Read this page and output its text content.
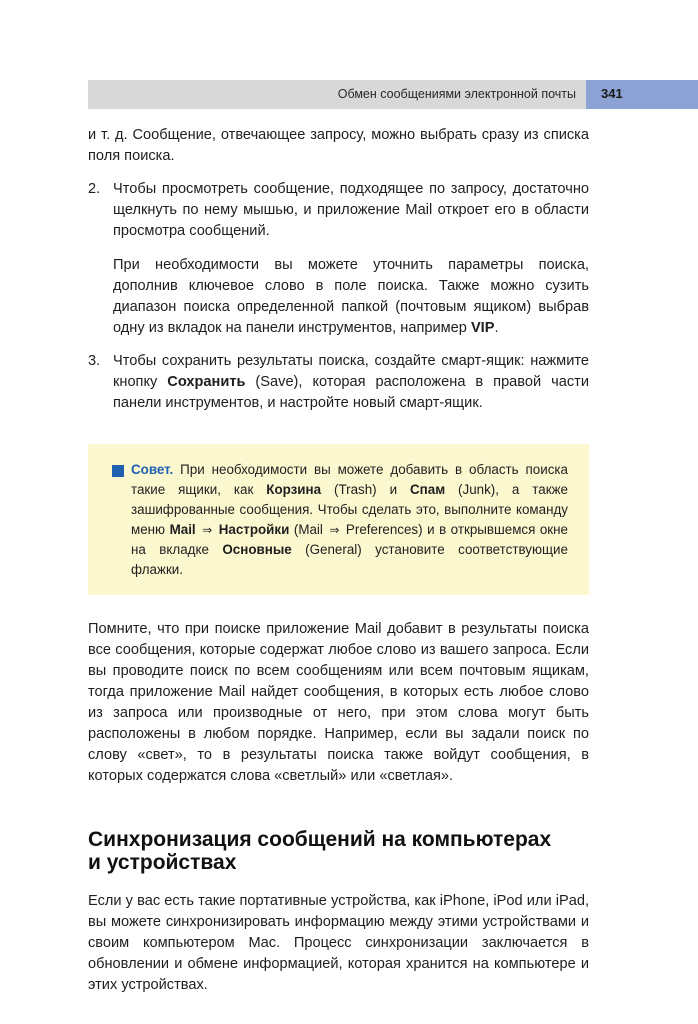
Обмен сообщениями электронной почты 341

и т. д. Сообщение, отвечающее запросу, можно выбрать сразу из списка поля поиска.

2. Чтобы просмотреть сообщение, подходящее по запросу, достаточно щелкнуть по нему мышью, и приложение Mail откроет его в области просмотра сообщений.

При необходимости вы можете уточнить параметры поиска, дополнив ключевое слово в поле поиска. Также можно сузить диапазон поиска определенной папкой (почтовым ящиком) выбрав одну из вкладок на панели инструментов, например VIP.

3. Чтобы сохранить результаты поиска, создайте смарт-ящик: нажмите кнопку Сохранить (Save), которая расположена в правой части панели инструментов, и настройте новый смарт-ящик.

Совет. При необходимости вы можете добавить в область поиска такие ящики, как Корзина (Trash) и Спам (Junk), а также зашифрованные сообщения. Чтобы сделать это, выполните команду меню Mail ⇒ Настройки (Mail ⇒ Preferences) и в открывшемся окне на вкладке Основные (General) установите соответствующие флажки.

Помните, что при поиске приложение Mail добавит в результаты поиска все сообщения, которые содержат любое слово из вашего запроса. Если вы проводите поиск по всем сообщениям или всем почтовым ящикам, тогда приложение Mail найдет сообщения, в которых есть любое слово из запроса или производные от него, при этом слова могут быть расположены в любом порядке. Например, если вы задали поиск по слову «свет», то в результаты поиска также войдут сообщения, в которых содержатся слова «светлый» или «светлая».

Синхронизация сообщений на компьютерах
и устройствах

Если у вас есть такие портативные устройства, как iPhone, iPod или iPad, вы можете синхронизировать информацию между этими устройствами и своим компьютером Mac. Процесс синхронизации заключается в обновлении и обмене информацией, которая хранится на компьютере и этих устройствах.
